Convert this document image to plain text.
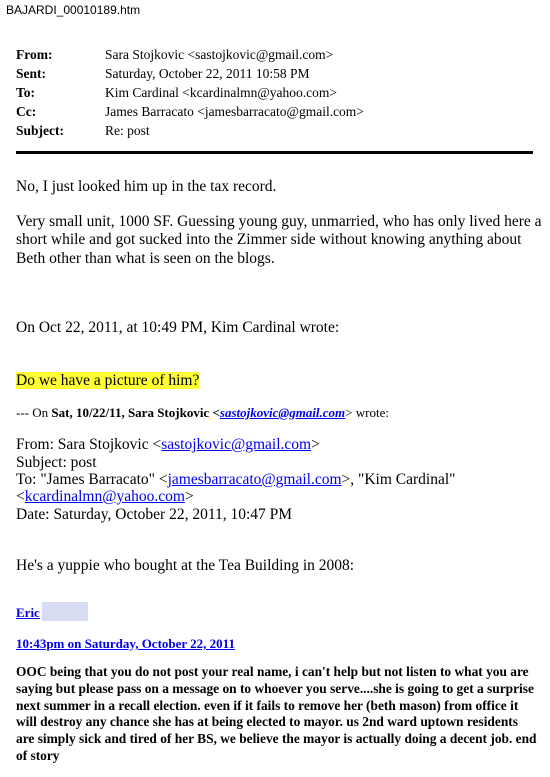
BAJARDI_00010189.htm
From:	Sara Stojkovic <sastojkovic@gmail.com>
Sent:	Saturday, October 22, 2011 10:58 PM
To:	Kim Cardinal <kcardinalmn@yahoo.com>
Cc:	James Barracato <jamesbarracato@gmail.com>
Subject:	Re: post
No, I just looked him up in the tax record.
Very small unit, 1000 SF. Guessing young guy, unmarried, who has only lived here a
short while and got sucked into the Zimmer side without knowing anything about
Beth other than what is seen on the blogs.
On Oct 22, 2011, at 10:49 PM, Kim Cardinal wrote:
Do we have a picture of him?
--- On Sat, 10/22/11, Sara Stojkovic <sastojkovic@gmail.com> wrote:
From: Sara Stojkovic <sastojkovic@gmail.com>
Subject: post
To: "James Barracato" <jamesbarracato@gmail.com>, "Kim Cardinal"
<kcardinalmn@yahoo.com>
Date: Saturday, October 22, 2011, 10:47 PM
He's a yuppie who bought at the Tea Building in 2008:
Eric
10:43pm on Saturday, October 22, 2011
OOC being that you do not post your real name, i can't help but not listen to what you are
saying but please pass on a message on to whoever you serve....she is going to get a surprise
next summer in a recall election. even if it fails to remove her (beth mason) from office it
will destroy any chance she has at being elected to mayor. us 2nd ward uptown residents
are simply sick and tired of her BS, we believe the mayor is actually doing a decent job. end
of story
